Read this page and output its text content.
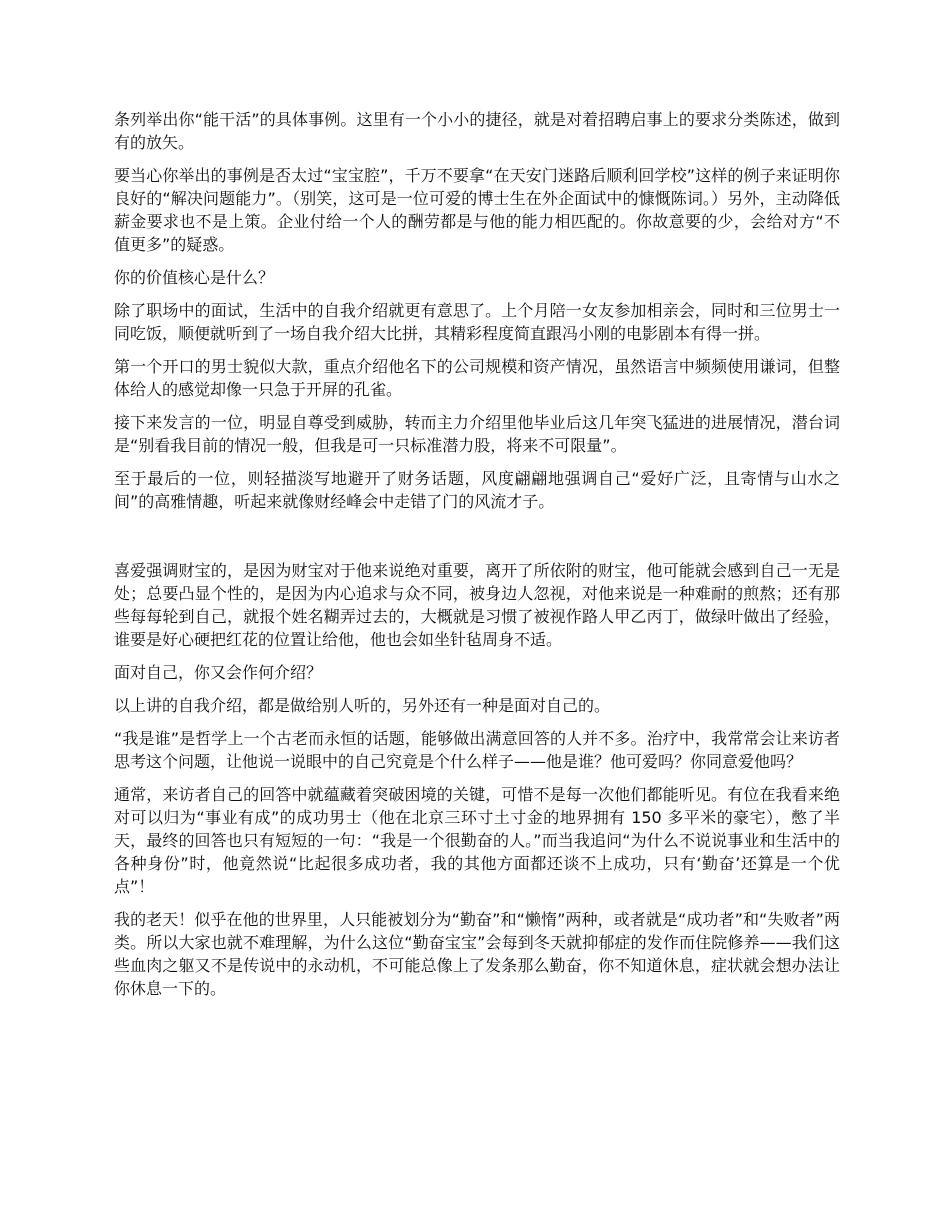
条列举出你“能干活”的具体事例。这里有一个小小的捷径，就是对着招聘启事上的要求分类陈述，做到有的放矢。

要当心你举出的事例是否太过“宝宝腔”，千万不要拿“在天安门迷路后顺利回学校”这样的例子来证明你良好的“解决问题能力”。（别笑，这可是一位可爱的博士生在外企面试中的慷慨陈词。）另外，主动降低薪金要求也不是上策。企业付给一个人的酬劳都是与他的能力相匹配的。你故意要的少，会给对方“不值更多”的疑惑。

你的价值核心是什么？

除了职场中的面试，生活中的自我介绍就更有意思了。上个月陪一女友参加相亲会，同时和三位男士一同吃饭，顺便就听到了一场自我介绍大比拼，其精彩程度简直跟冯小刚的电影剧本有得一拼。

第一个开口的男士貌似大款，重点介绍他名下的公司规模和资产情况，虽然语言中频频使用谦词，但整体给人的感觉却像一只急于开屏的孔雀。

接下来发言的一位，明显自尊受到威胁，转而主力介绍里他毕业后这几年突飞猛进的进展情况，潜台词是“别看我目前的情况一般，但我是可一只标准潜力股，将来不可限量”。

至于最后的一位，则轻描淡写地避开了财务话题，风度翩翩地强调自己“爱好广泛，且寄情与山水之间”的高雅情趣，听起来就像财经峰会中走错了门的风流才子。

喜爱强调财宝的，是因为财宝对于他来说绝对重要，离开了所依附的财宝，他可能就会感到自己一无是处；总要凸显个性的，是因为内心追求与众不同，被身边人忽视，对他来说是一种难耐的煎熬；还有那些每每轮到自己，就报个姓名糊弄过去的，大概就是习惯了被视作路人甲乙丙丁，做绿叶做出了经验，谁要是好心硬把红花的位置让给他，他也会如坐针毡周身不适。

面对自己，你又会作何介绍？

以上讲的自我介绍，都是做给别人听的，另外还有一种是面对自己的。

“我是谁”是哲学上一个古老而永恒的话题，能够做出满意回答的人并不多。治疗中，我常常会让来访者思考这个问题，让他说一说眼中的自己究竟是个什么样子——他是谁？他可爱吗？你同意爱他吗？

通常，来访者自己的回答中就蕴藏着突破困境的关键，可惜不是每一次他们都能听见。有位在我看来绝对可以归为“事业有成”的成功男士（他在北京三环寸土寸金的地界拥有 150 多平米的豪宅），憋了半天，最终的回答也只有短短的一句：“我是一个很勤奋的人。”而当我追问“为什么不说说事业和生活中的各种身份”时，他竟然说“比起很多成功者，我的其他方面都还谈不上成功，只有‘勤奋’还算是一个优点”！

我的老天！似乎在他的世界里，人只能被划分为“勤奋”和“懒惰”两种，或者就是“成功者”和“失败者”两类。所以大家也就不难理解，为什么这位“勤奋宝宝”会每到冬天就抑郁症的发作而住院修养——我们这些血肉之躯又不是传说中的永动机，不可能总像上了发条那么勤奋，你不知道休息，症状就会想办法让你休息一下的。
